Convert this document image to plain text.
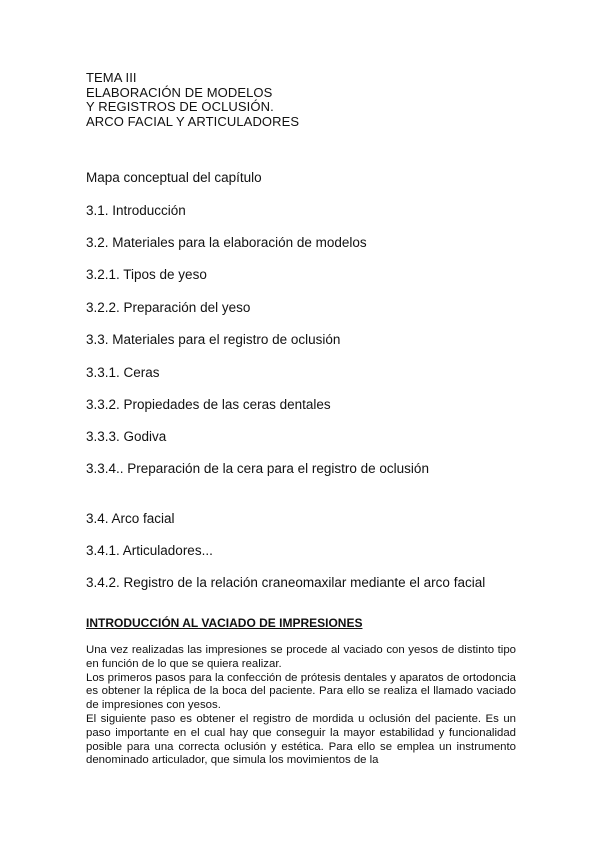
TEMA III
ELABORACIÓN DE MODELOS
Y REGISTROS DE OCLUSIÓN.
ARCO FACIAL Y ARTICULADORES
Mapa conceptual del capítulo
3.1. Introducción
3.2. Materiales para la elaboración de modelos
3.2.1. Tipos de yeso
3.2.2. Preparación del yeso
3.3. Materiales para el registro de oclusión
3.3.1. Ceras
3.3.2. Propiedades de las ceras dentales
3.3.3. Godiva
3.3.4.. Preparación de la cera para el registro de oclusión
3.4. Arco facial
3.4.1. Articuladores...
3.4.2. Registro de la relación craneomaxilar mediante el arco facial
INTRODUCCIÓN AL VACIADO DE IMPRESIONES

Una vez realizadas las impresiones se procede al vaciado con yesos de distinto tipo en función de lo que se quiera realizar.

Los primeros pasos para la confección de prótesis dentales y aparatos de ortodoncia es obtener la réplica de la boca del paciente. Para ello se realiza el llamado vaciado de impresiones con yesos.

El siguiente paso es obtener el registro de mordida u oclusión del paciente. Es un paso importante en el cual hay que conseguir la mayor estabilidad y funcionalidad posible para una correcta oclusión y estética. Para ello se emplea un instrumento denominado articulador, que simula los movimientos de la
